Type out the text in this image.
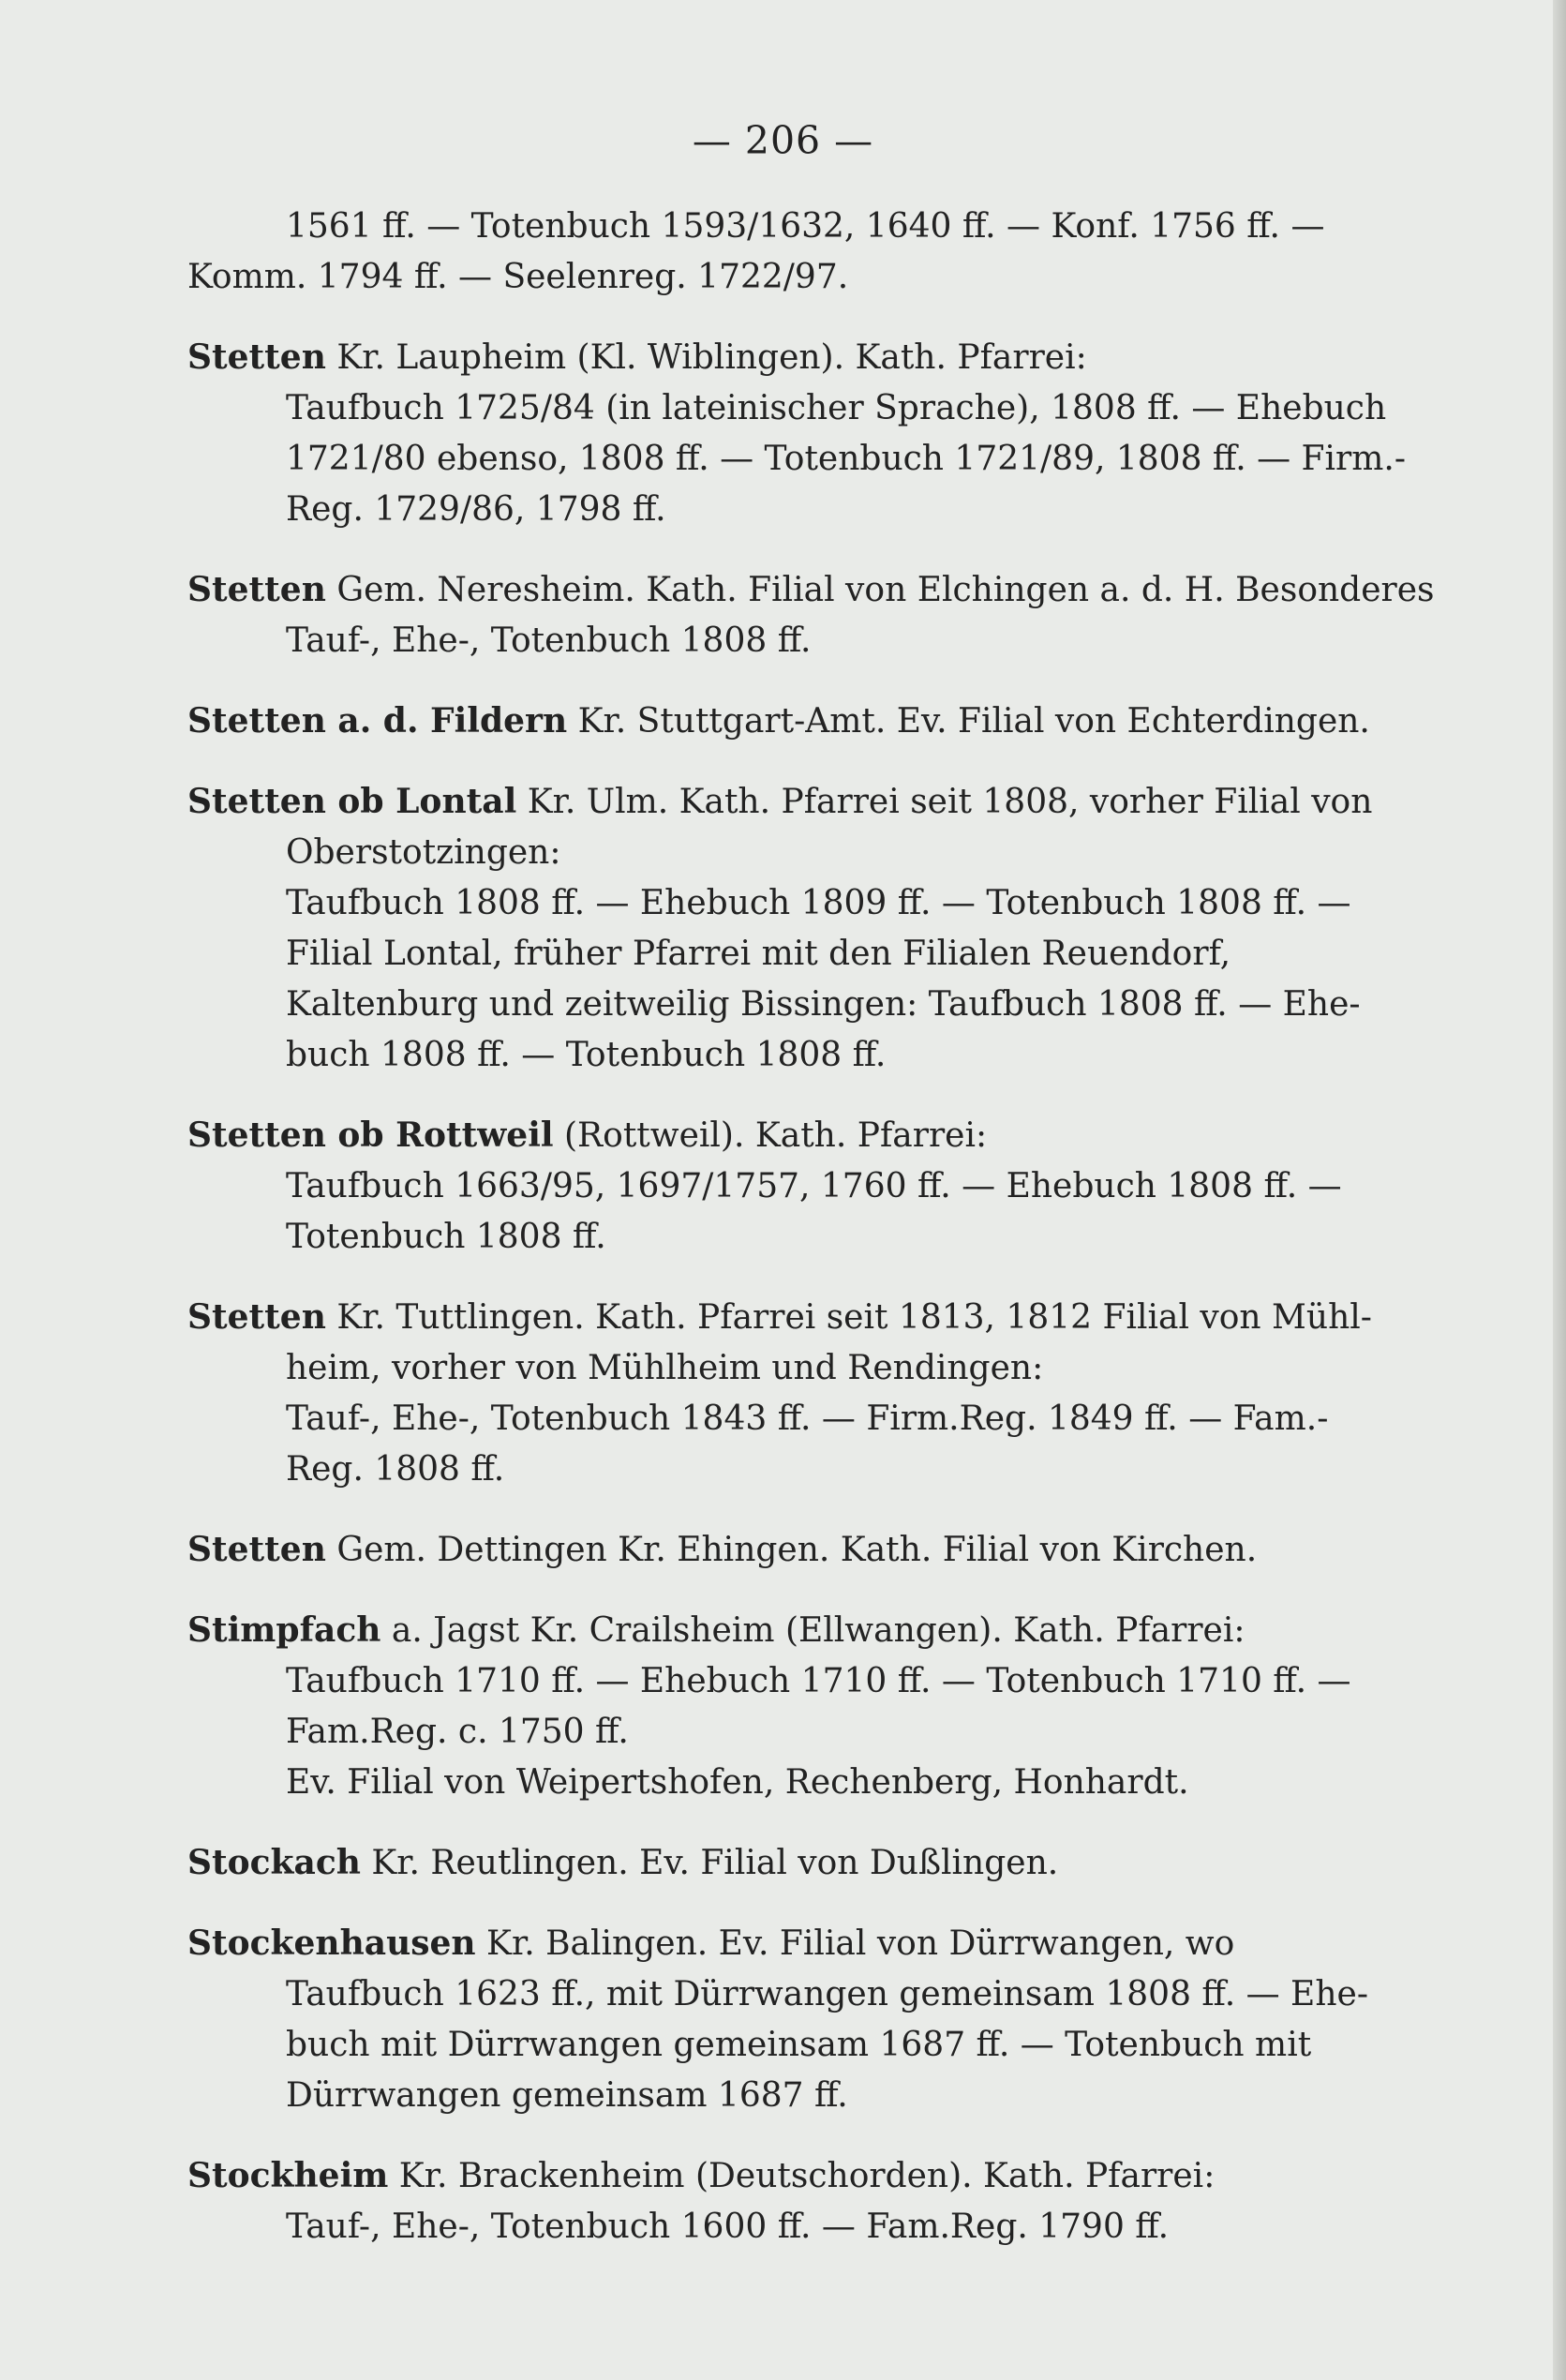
— 206 —

1561 ff. — Totenbuch 1593/1632, 1640 ff. — Konf. 1756 ff. —

Komm. 1794 ff. — Seelenreg. 1722/97.

Stetten Kr. Laupheim (Kl. Wiblingen). Kath. Pfarrei:

Taufbuch 1725/84 (in lateinischer Sprache), 1808 ff. — Ehebuch

1721/80 ebenso, 1808 ff. — Totenbuch 1721/89, 1808 ff. — Firm.-

Reg. 1729/86, 1798 ff.

Stetten Gem. Neresheim. Kath. Filial von Elchingen a. d. H. Besonderes

Tauf-, Ehe-, Totenbuch 1808 ff.

Stetten a. d. Fildern Kr. Stuttgart-Amt. Ev. Filial von Echterdingen.

Stetten ob Lontal Kr. Ulm. Kath. Pfarrei seit 1808, vorher Filial von

Oberstotzingen:

Taufbuch 1808 ff. — Ehebuch 1809 ff. — Totenbuch 1808 ff. —

Filial Lontal, früher Pfarrei mit den Filialen Reuendorf,

Kaltenburg und zeitweilig Bissingen: Taufbuch 1808 ff. — Ehe-

buch 1808 ff. — Totenbuch 1808 ff.

Stetten ob Rottweil (Rottweil). Kath. Pfarrei:

Taufbuch 1663/95, 1697/1757, 1760 ff. — Ehebuch 1808 ff. —

Totenbuch 1808 ff.

Stetten Kr. Tuttlingen. Kath. Pfarrei seit 1813, 1812 Filial von Mühl-

heim, vorher von Mühlheim und Rendingen:

Tauf-, Ehe-, Totenbuch 1843 ff. — Firm.Reg. 1849 ff. — Fam.-

Reg. 1808 ff.

Stetten Gem. Dettingen Kr. Ehingen. Kath. Filial von Kirchen.

Stimpfach a. Jagst Kr. Crailsheim (Ellwangen). Kath. Pfarrei:

Taufbuch 1710 ff. — Ehebuch 1710 ff. — Totenbuch 1710 ff. —

Fam.Reg. c. 1750 ff.

Ev. Filial von Weipertshofen, Rechenberg, Honhardt.

Stockach Kr. Reutlingen. Ev. Filial von Dußlingen.

Stockenhausen Kr. Balingen. Ev. Filial von Dürrwangen, wo

Taufbuch 1623 ff., mit Dürrwangen gemeinsam 1808 ff. — Ehe-

buch mit Dürrwangen gemeinsam 1687 ff. — Totenbuch mit

Dürrwangen gemeinsam 1687 ff.

Stockheim Kr. Brackenheim (Deutschorden). Kath. Pfarrei:

Tauf-, Ehe-, Totenbuch 1600 ff. — Fam.Reg. 1790 ff.
